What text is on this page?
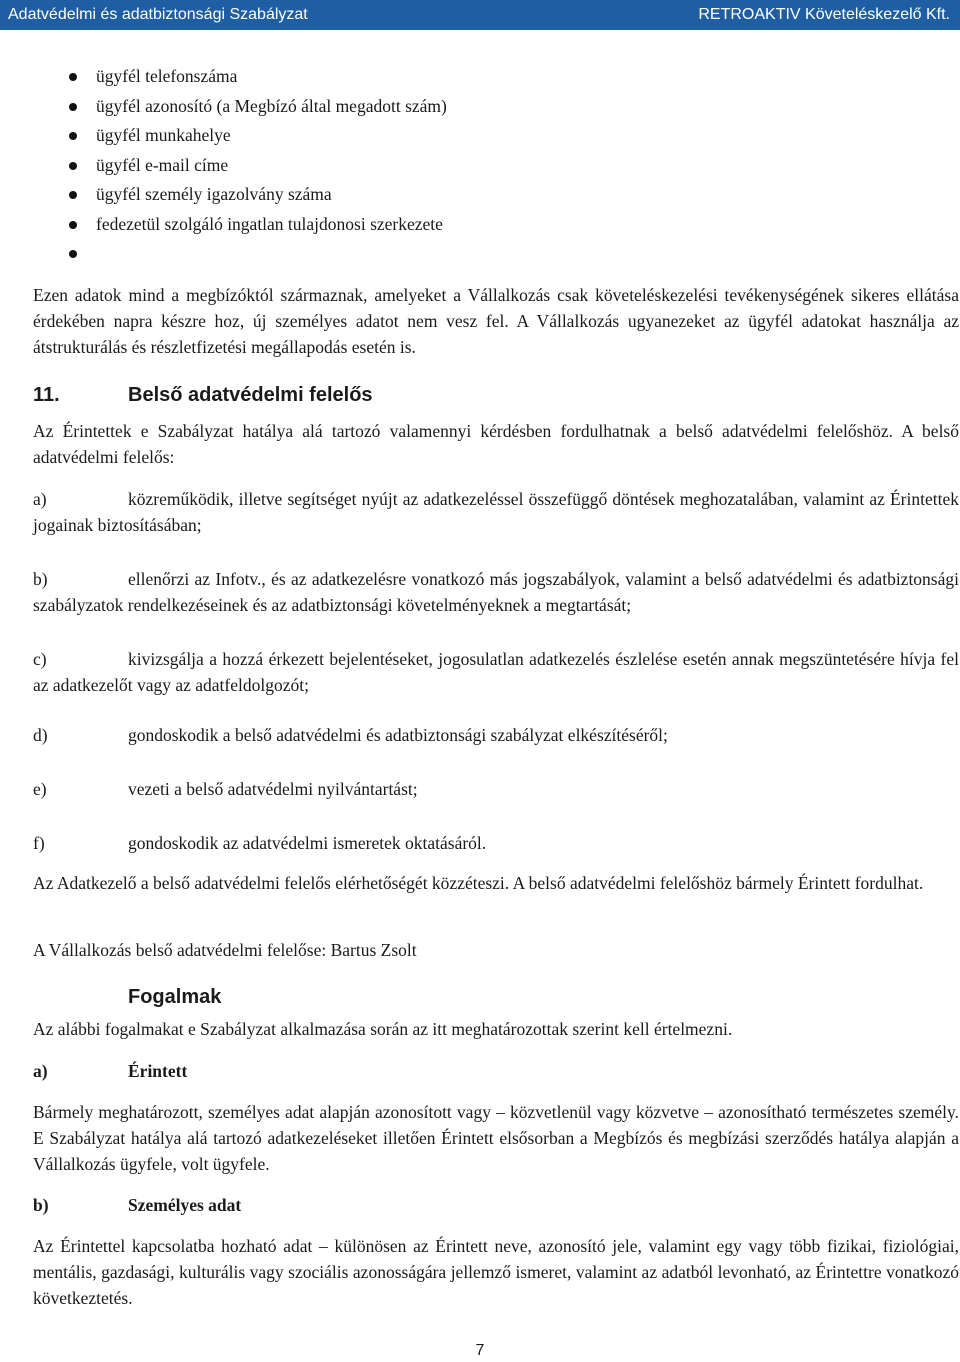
Adatvédelmi és adatbiztonsági Szabályzat	RETROAKTIV Követeléskezelő Kft.
ügyfél telefonszáma
ügyfél azonosító (a Megbízó által megadott szám)
ügyfél munkahelye
ügyfél e-mail címe
ügyfél személy igazolvány száma
fedezetül szolgáló ingatlan tulajdonosi szerkezete

Ezen adatok mind a megbízóktól származnak, amelyeket a Vállalkozás csak követeléskezelési tevékenységének sikeres ellátása érdekében napra készre hoz, új személyes adatot nem vesz fel. A Vállalkozás ugyanezeket az ügyfél adatokat használja az átstrukturálás és részletfizetési megállapodás esetén is.

11.	Belső adatvédelmi felelős

Az Érintettek e Szabályzat hatálya alá tartozó valamennyi kérdésben fordulhatnak a belső adatvédelmi felelőshöz. A belső adatvédelmi felelős:

a)	közreműködik, illetve segítséget nyújt az adatkezeléssel összefüggő döntések meghozatalában, valamint az Érintettek jogainak biztosításában;
b)	ellenőrzi az Infotv., és az adatkezelésre vonatkozó más jogszabályok, valamint a belső adatvédelmi és adatbiztonsági szabályzatok rendelkezéseinek és az adatbiztonsági követelményeknek a megtartását;
c)	kivizsgálja a hozzá érkezett bejelentéseket, jogosulatlan adatkezelés észlelése esetén annak megszüntetésére hívja fel az adatkezelőt vagy az adatfeldolgozót;
d)	gondoskodik a belső adatvédelmi és adatbiztonsági szabályzat elkészítéséről;
e)	vezeti a belső adatvédelmi nyilvántartást;
f)	gondoskodik az adatvédelmi ismeretek oktatásáról.

Az Adatkezelő a belső adatvédelmi felelős elérhetőségét közzéteszi. A belső adatvédelmi felelőshöz bármely Érintett fordulhat.

A Vállalkozás belső adatvédelmi felelőse: Bartus Zsolt

Fogalmak

Az alábbi fogalmakat e Szabályzat alkalmazása során az itt meghatározottak szerint kell értelmezni.

a)	Érintett

Bármely meghatározott, személyes adat alapján azonosított vagy – közvetlenül vagy közvetve – azonosítható természetes személy. E Szabályzat hatálya alá tartozó adatkezeléseket illetően Érintett elsősorban a Megbízós és megbízási szerződés hatálya alapján a Vállalkozás ügyfele, volt ügyfele.

b)	Személyes adat

Az Érintettel kapcsolatba hozható adat – különösen az Érintett neve, azonosító jele, valamint egy vagy több fizikai, fiziológiai, mentális, gazdasági, kulturális vagy szociális azonosságára jellemző ismeret, valamint az adatból levonható, az Érintettre vonatkozó következtetés.

7
